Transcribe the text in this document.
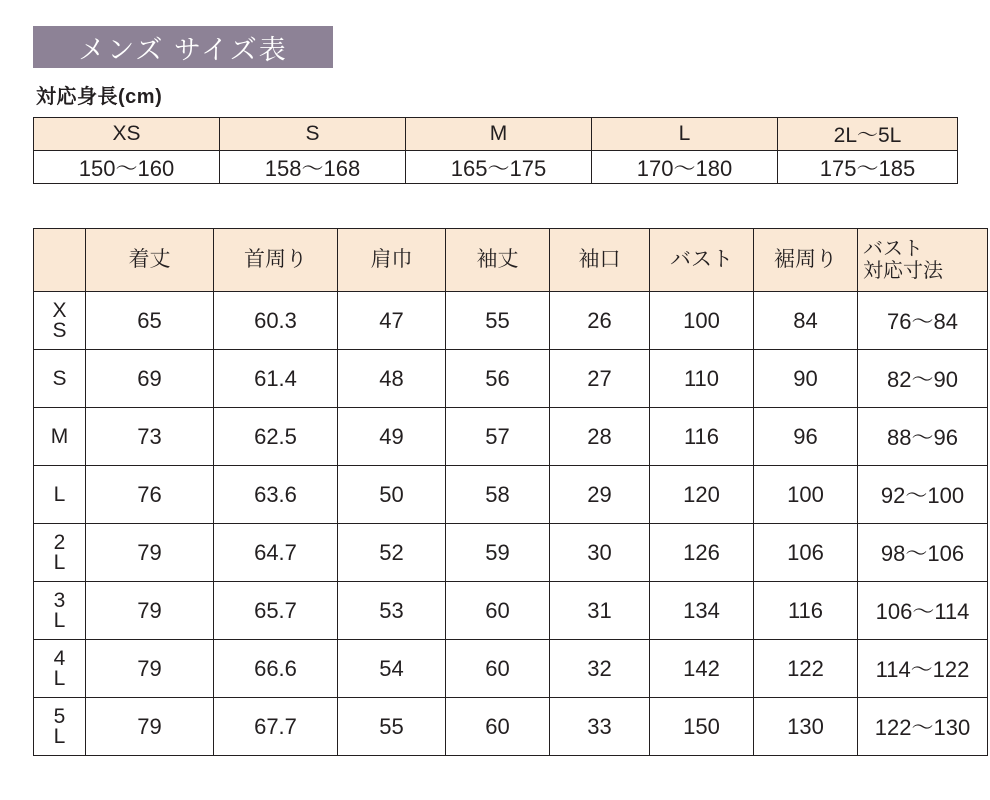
メンズ サイズ表
対応身長(cm)
XS	S	M	L	2L〜5L
150〜160	158〜168	165〜175	170〜180	175〜185
	着丈	首周り	肩巾	袖丈	袖口	バスト	裾周り	バスト
対応寸法

X
S	65	60.3	47	55	26	100	84	76〜84

S	69	61.4	48	56	27	110	90	82〜90

M	73	62.5	49	57	28	116	96	88〜96

L	76	63.6	50	58	29	120	100	92〜100

2
L	79	64.7	52	59	30	126	106	98〜106

3
L	79	65.7	53	60	31	134	116	106〜114

4
L	79	66.6	54	60	32	142	122	114〜122

5
L	79	67.7	55	60	33	150	130	122〜130
